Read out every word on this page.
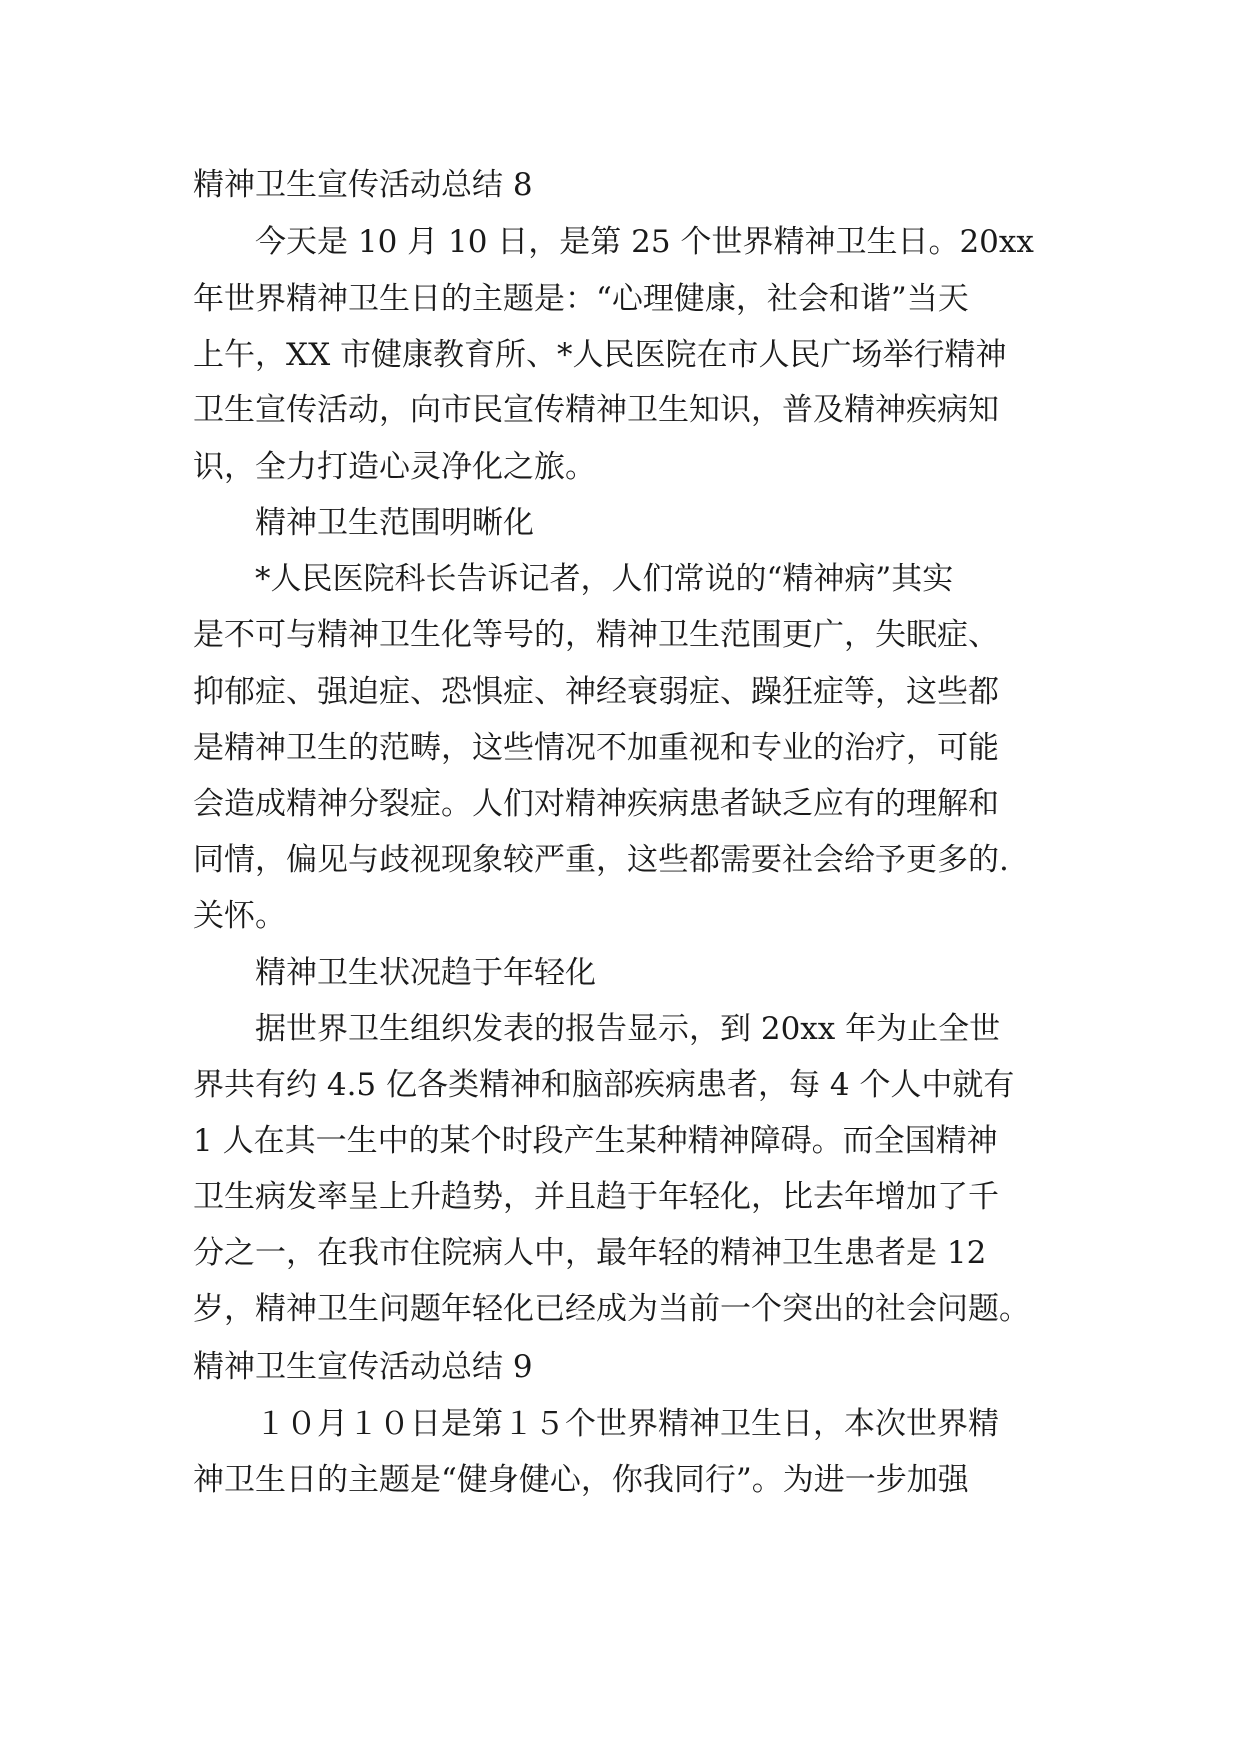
精神卫生宣传活动总结 8
今天是 10 月 10 日，是第 25 个世界精神卫生日。20xx
年世界精神卫生日的主题是：“心理健康，社会和谐”当天
上午，XX 市健康教育所、*人民医院在市人民广场举行精神
卫生宣传活动，向市民宣传精神卫生知识，普及精神疾病知
识，全力打造心灵净化之旅。
精神卫生范围明晰化
*人民医院科长告诉记者，人们常说的“精神病”其实
是不可与精神卫生化等号的，精神卫生范围更广，失眠症、
抑郁症、强迫症、恐惧症、神经衰弱症、躁狂症等，这些都
是精神卫生的范畴，这些情况不加重视和专业的治疗，可能
会造成精神分裂症。人们对精神疾病患者缺乏应有的理解和
同情，偏见与歧视现象较严重，这些都需要社会给予更多的.
关怀。
精神卫生状况趋于年轻化
据世界卫生组织发表的报告显示，到 20xx 年为止全世
界共有约 4.5 亿各类精神和脑部疾病患者，每 4 个人中就有
1 人在其一生中的某个时段产生某种精神障碍。而全国精神
卫生病发率呈上升趋势，并且趋于年轻化，比去年增加了千
分之一，在我市住院病人中，最年轻的精神卫生患者是 12
岁，精神卫生问题年轻化已经成为当前一个突出的社会问题。
精神卫生宣传活动总结 9
１０月１０日是第１５个世界精神卫生日，本次世界精
神卫生日的主题是“健身健心，你我同行”。为进一步加强
